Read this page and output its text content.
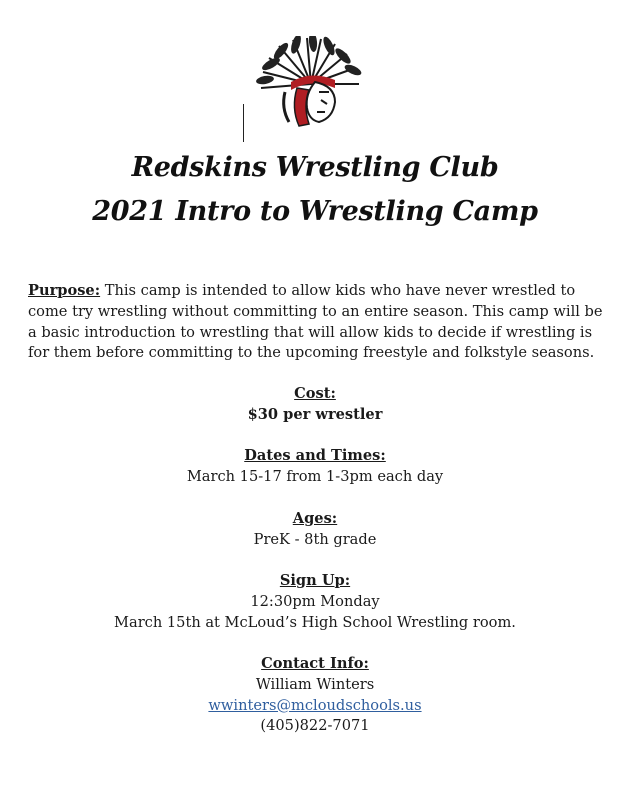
Redskins Wrestling Club
2021 Intro to Wrestling Camp
Purpose: This camp is intended to allow kids who have never wrestled to come try wrestling without committing to an entire season. This camp will be a basic introduction to wrestling that will allow kids to decide if wrestling is for them before committing to the upcoming freestyle and folkstyle seasons.
Cost:
$30 per wrestler
Dates and Times:
March 15-17 from 1-3pm each day
Ages:
PreK - 8th grade
Sign Up:
12:30pm Monday
March 15th at McLoud’s High School Wrestling room.
Contact Info:
William Winters
wwinters@mcloudschools.us
(405)822-7071
